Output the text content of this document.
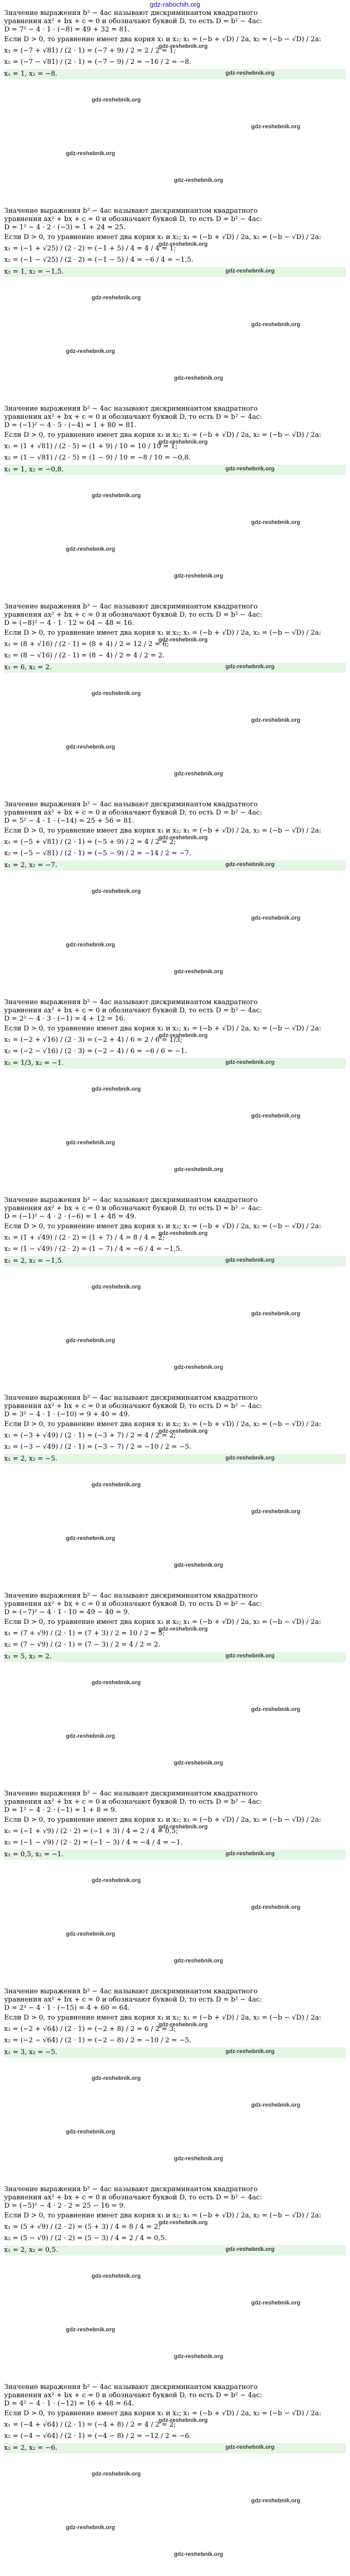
gdz-rabochih.org
Значение выражения b² − 4ac называют дискриминантом квадратного
уравнения ax² + bx + c = 0 и обозначают буквой D, то есть D = b² − 4ac:
D = 7² − 4 · 1 · (−8) = 49 + 32 = 81.
Если D > 0, то уравнение имеет два корня x₁ и x₂; x₁ = (−b + √D) / 2a, x₂ = (−b − √D) / 2a:
x₁ = (−7 + √81) / (2 · 1) = (−7 + 9) / 2 = 2 / 2 = 1;
x₂ = (−7 − √81) / (2 · 1) = (−7 − 9) / 2 = −16 / 2 = −8.
x₁ = 1, x₂ = −8.
gdz-reshebnik.org
gdz-reshebnik.org
gdz-reshebnik.org
gdz-reshebnik.org
gdz-reshebnik.org
gdz-reshebnik.org
Значение выражения b² − 4ac называют дискриминантом квадратного
уравнения ax² + bx + c = 0 и обозначают буквой D, то есть D = b² − 4ac:
D = 1² − 4 · 2 · (−3) = 1 + 24 = 25.
Если D > 0, то уравнение имеет два корня x₁ и x₂; x₁ = (−b + √D) / 2a, x₂ = (−b − √D) / 2a:
x₁ = (−1 + √25) / (2 · 2) = (−1 + 5) / 4 = 4 / 4 = 1;
x₂ = (−1 − √25) / (2 · 2) = (−1 − 5) / 4 = −6 / 4 = −1,5.
x₁ = 1, x₂ = −1,5.
gdz-reshebnik.org
gdz-reshebnik.org
gdz-reshebnik.org
gdz-reshebnik.org
gdz-reshebnik.org
gdz-reshebnik.org
Значение выражения b² − 4ac называют дискриминантом квадратного
уравнения ax² + bx + c = 0 и обозначают буквой D, то есть D = b² − 4ac:
D = (−1)² − 4 · 5 · (−4) = 1 + 80 = 81.
Если D > 0, то уравнение имеет два корня x₁ и x₂; x₁ = (−b + √D) / 2a, x₂ = (−b − √D) / 2a:
x₁ = (1 + √81) / (2 · 5) = (1 + 9) / 10 = 10 / 10 = 1;
x₂ = (1 − √81) / (2 · 5) = (1 − 9) / 10 = −8 / 10 = −0,8.
x₁ = 1, x₂ = −0,8.
gdz-reshebnik.org
gdz-reshebnik.org
gdz-reshebnik.org
gdz-reshebnik.org
gdz-reshebnik.org
gdz-reshebnik.org
Значение выражения b² − 4ac называют дискриминантом квадратного
уравнения ax² + bx + c = 0 и обозначают буквой D, то есть D = b² − 4ac:
D = (−8)² − 4 · 1 · 12 = 64 − 48 = 16.
Если D > 0, то уравнение имеет два корня x₁ и x₂; x₁ = (−b + √D) / 2a, x₂ = (−b − √D) / 2a:
x₁ = (8 + √16) / (2 · 1) = (8 + 4) / 2 = 12 / 2 = 6;
x₂ = (8 − √16) / (2 · 1) = (8 − 4) / 2 = 4 / 2 = 2.
x₁ = 6, x₂ = 2.
gdz-reshebnik.org
gdz-reshebnik.org
gdz-reshebnik.org
gdz-reshebnik.org
gdz-reshebnik.org
gdz-reshebnik.org
Значение выражения b² − 4ac называют дискриминантом квадратного
уравнения ax² + bx + c = 0 и обозначают буквой D, то есть D = b² − 4ac:
D = 5² − 4 · 1 · (−14) = 25 + 56 = 81.
Если D > 0, то уравнение имеет два корня x₁ и x₂; x₁ = (−b + √D) / 2a, x₂ = (−b − √D) / 2a:
x₁ = (−5 + √81) / (2 · 1) = (−5 + 9) / 2 = 4 / 2 = 2;
x₂ = (−5 − √81) / (2 · 1) = (−5 − 9) / 2 = −14 / 2 = −7.
x₁ = 2, x₂ = −7.
gdz-reshebnik.org
gdz-reshebnik.org
gdz-reshebnik.org
gdz-reshebnik.org
gdz-reshebnik.org
gdz-reshebnik.org
Значение выражения b² − 4ac называют дискриминантом квадратного
уравнения ax² + bx + c = 0 и обозначают буквой D, то есть D = b² − 4ac:
D = 2² − 4 · 3 · (−1) = 4 + 12 = 16.
Если D > 0, то уравнение имеет два корня x₁ и x₂; x₁ = (−b + √D) / 2a, x₂ = (−b − √D) / 2a:
x₁ = (−2 + √16) / (2 · 3) = (−2 + 4) / 6 = 2 / 6 = 1/3;
x₂ = (−2 − √16) / (2 · 3) = (−2 − 4) / 6 = −6 / 6 = −1.
x₁ = 1/3, x₂ = −1.
gdz-reshebnik.org
gdz-reshebnik.org
gdz-reshebnik.org
gdz-reshebnik.org
gdz-reshebnik.org
gdz-reshebnik.org
Значение выражения b² − 4ac называют дискриминантом квадратного
уравнения ax² + bx + c = 0 и обозначают буквой D, то есть D = b² − 4ac:
D = (−1)² − 4 · 2 · (−6) = 1 + 48 = 49.
Если D > 0, то уравнение имеет два корня x₁ и x₂; x₁ = (−b + √D) / 2a, x₂ = (−b − √D) / 2a:
x₁ = (1 + √49) / (2 · 2) = (1 + 7) / 4 = 8 / 4 = 2;
x₂ = (1 − √49) / (2 · 2) = (1 − 7) / 4 = −6 / 4 = −1,5.
x₁ = 2, x₂ = −1,5.
gdz-reshebnik.org
gdz-reshebnik.org
gdz-reshebnik.org
gdz-reshebnik.org
gdz-reshebnik.org
gdz-reshebnik.org
Значение выражения b² − 4ac называют дискриминантом квадратного
уравнения ax² + bx + c = 0 и обозначают буквой D, то есть D = b² − 4ac:
D = 3² − 4 · 1 · (−10) = 9 + 40 = 49.
Если D > 0, то уравнение имеет два корня x₁ и x₂; x₁ = (−b + √D) / 2a, x₂ = (−b − √D) / 2a:
x₁ = (−3 + √49) / (2 · 1) = (−3 + 7) / 2 = 4 / 2 = 2;
x₂ = (−3 − √49) / (2 · 1) = (−3 − 7) / 2 = −10 / 2 = −5.
x₁ = 2, x₂ = −5.
gdz-reshebnik.org
gdz-reshebnik.org
gdz-reshebnik.org
gdz-reshebnik.org
gdz-reshebnik.org
gdz-reshebnik.org
Значение выражения b² − 4ac называют дискриминантом квадратного
уравнения ax² + bx + c = 0 и обозначают буквой D, то есть D = b² − 4ac:
D = (−7)² − 4 · 1 · 10 = 49 − 40 = 9.
Если D > 0, то уравнение имеет два корня x₁ и x₂; x₁ = (−b + √D) / 2a, x₂ = (−b − √D) / 2a:
x₁ = (7 + √9) / (2 · 1) = (7 + 3) / 2 = 10 / 2 = 5;
x₂ = (7 − √9) / (2 · 1) = (7 − 3) / 2 = 4 / 2 = 2.
x₁ = 5, x₂ = 2.
gdz-reshebnik.org
gdz-reshebnik.org
gdz-reshebnik.org
gdz-reshebnik.org
gdz-reshebnik.org
gdz-reshebnik.org
Значение выражения b² − 4ac называют дискриминантом квадратного
уравнения ax² + bx + c = 0 и обозначают буквой D, то есть D = b² − 4ac:
D = 1² − 4 · 2 · (−1) = 1 + 8 = 9.
Если D > 0, то уравнение имеет два корня x₁ и x₂; x₁ = (−b + √D) / 2a, x₂ = (−b − √D) / 2a:
x₁ = (−1 + √9) / (2 · 2) = (−1 + 3) / 4 = 2 / 4 = 0,5;
x₂ = (−1 − √9) / (2 · 2) = (−1 − 3) / 4 = −4 / 4 = −1.
x₁ = 0,5, x₂ = −1.
gdz-reshebnik.org
gdz-reshebnik.org
gdz-reshebnik.org
gdz-reshebnik.org
gdz-reshebnik.org
gdz-reshebnik.org
Значение выражения b² − 4ac называют дискриминантом квадратного
уравнения ax² + bx + c = 0 и обозначают буквой D, то есть D = b² − 4ac:
D = 2² − 4 · 1 · (−15) = 4 + 60 = 64.
Если D > 0, то уравнение имеет два корня x₁ и x₂; x₁ = (−b + √D) / 2a, x₂ = (−b − √D) / 2a:
x₁ = (−2 + √64) / (2 · 1) = (−2 + 8) / 2 = 6 / 2 = 3;
x₂ = (−2 − √64) / (2 · 1) = (−2 − 8) / 2 = −10 / 2 = −5.
x₁ = 3, x₂ = −5.
gdz-reshebnik.org
gdz-reshebnik.org
gdz-reshebnik.org
gdz-reshebnik.org
gdz-reshebnik.org
gdz-reshebnik.org
Значение выражения b² − 4ac называют дискриминантом квадратного
уравнения ax² + bx + c = 0 и обозначают буквой D, то есть D = b² − 4ac:
D = (−5)² − 4 · 2 · 2 = 25 − 16 = 9.
Если D > 0, то уравнение имеет два корня x₁ и x₂; x₁ = (−b + √D) / 2a, x₂ = (−b − √D) / 2a:
x₁ = (5 + √9) / (2 · 2) = (5 + 3) / 4 = 8 / 4 = 2;
x₂ = (5 − √9) / (2 · 2) = (5 − 3) / 4 = 2 / 4 = 0,5.
x₁ = 2, x₂ = 0,5.
gdz-reshebnik.org
gdz-reshebnik.org
gdz-reshebnik.org
gdz-reshebnik.org
gdz-reshebnik.org
gdz-reshebnik.org
Значение выражения b² − 4ac называют дискриминантом квадратного
уравнения ax² + bx + c = 0 и обозначают буквой D, то есть D = b² − 4ac:
D = 4² − 4 · 1 · (−12) = 16 + 48 = 64.
Если D > 0, то уравнение имеет два корня x₁ и x₂; x₁ = (−b + √D) / 2a, x₂ = (−b − √D) / 2a:
x₁ = (−4 + √64) / (2 · 1) = (−4 + 8) / 2 = 4 / 2 = 2;
x₂ = (−4 − √64) / (2 · 1) = (−4 − 8) / 2 = −12 / 2 = −6.
x₁ = 2, x₂ = −6.
gdz-reshebnik.org
gdz-reshebnik.org
gdz-reshebnik.org
gdz-reshebnik.org
gdz-reshebnik.org
gdz-reshebnik.org
